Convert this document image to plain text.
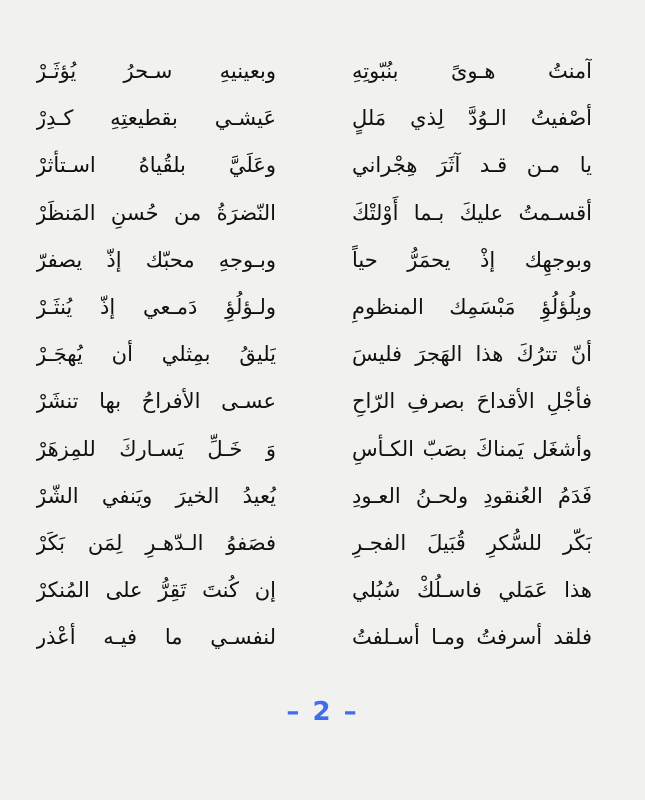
آمنتُ هـوىً بنُبّوتِهِ
وبعينيهِ سـحرُ يُؤثَـرْ
أصْفيتُ الـوُدَّ لِذي مَللٍ
عَيشـي بقطيعتِهِ كـدِرْ
يا مـن قـد آثَرَ هِجْراني
وعَلَيَّ بلقُياهُ اسـتأثرْ
أقسـمتُ عليكَ بـما أَوْلتْكَ
النّضرَةُ من حُسنِ المَنظَرْ
وبوجهِك إذْ يحمَرُّ حياً
وبـوجهِ محبّك إذّ يصفرّ
وبِلُؤلُؤِ مَبْسَمِك المنظومِ
ولـؤلُؤِ دَمـعي إذّ يُنثَـرْ
أنّ تترُكَ هذا الهَجرَ فليسَ
يَليقُ بمِثلي أن يُهجَـرْ
فأجْلِ الأقداحَ بصرفِ الرّاحِ
عسـى الأفراحُ بها تنشَرْ
وأشغَل يَمناكَ بصَبّ الكـأسِ
وَ خَـلِّ يَسـاركَ للمِزهَرْ
فَدَمُ العُنقودِ ولحـنُ العـودِ
يُعيدُ الخيرَ ويَنفي الشّرْ
بَكّر للسُّكرِ قُبَيلَ الفجـرِ
فصَفوُ الـدّهـرِ لِمَن بَكَرْ
هذا عَمَلي فاسـلُكْ سُبُلي
إن كُنتَ تَقِرُّ على المُنكرْ
فلقد أسرفتُ ومـا أسـلفتُ
لنفسـي ما فيـه أعْذر
– 2 –
